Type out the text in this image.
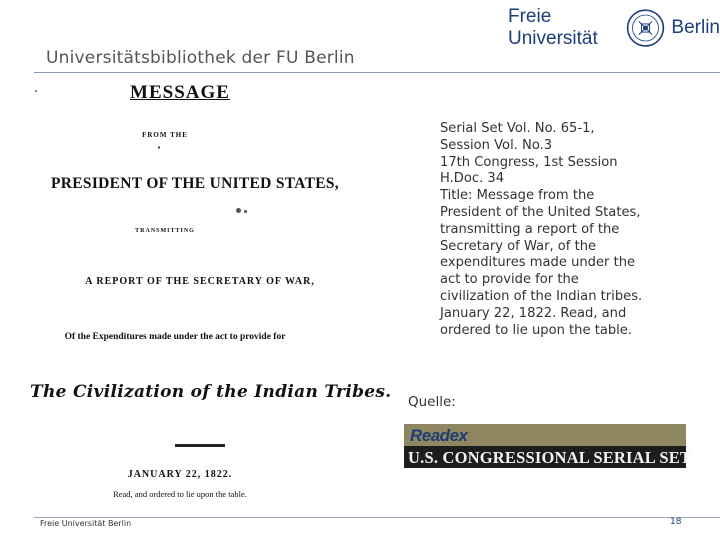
Universitätsbibliothek der FU Berlin
Freie Universität
Berlin
MESSAGE
FROM THE
PRESIDENT OF THE UNITED STATES,
TRANSMITTING
A REPORT OF THE SECRETARY OF WAR,
Of the Expenditures made under the act to provide for
The Civilization of the Indian Tribes.
JANUARY 22, 1822.
Read, and ordered to lie upon the table.
Serial Set Vol. No. 65-1,
Session Vol. No.3
17th Congress, 1st Session
H.Doc. 34
Title: Message from the
President of the United States,
transmitting a report of the
Secretary of War, of the
expenditures made under the
act to provide for the
civilization of the Indian tribes.
January 22, 1822. Read, and
ordered to lie upon the table.
Quelle:
Readex
U.S. CONGRESSIONAL SERIAL SET
Freie Universität Berlin	18
